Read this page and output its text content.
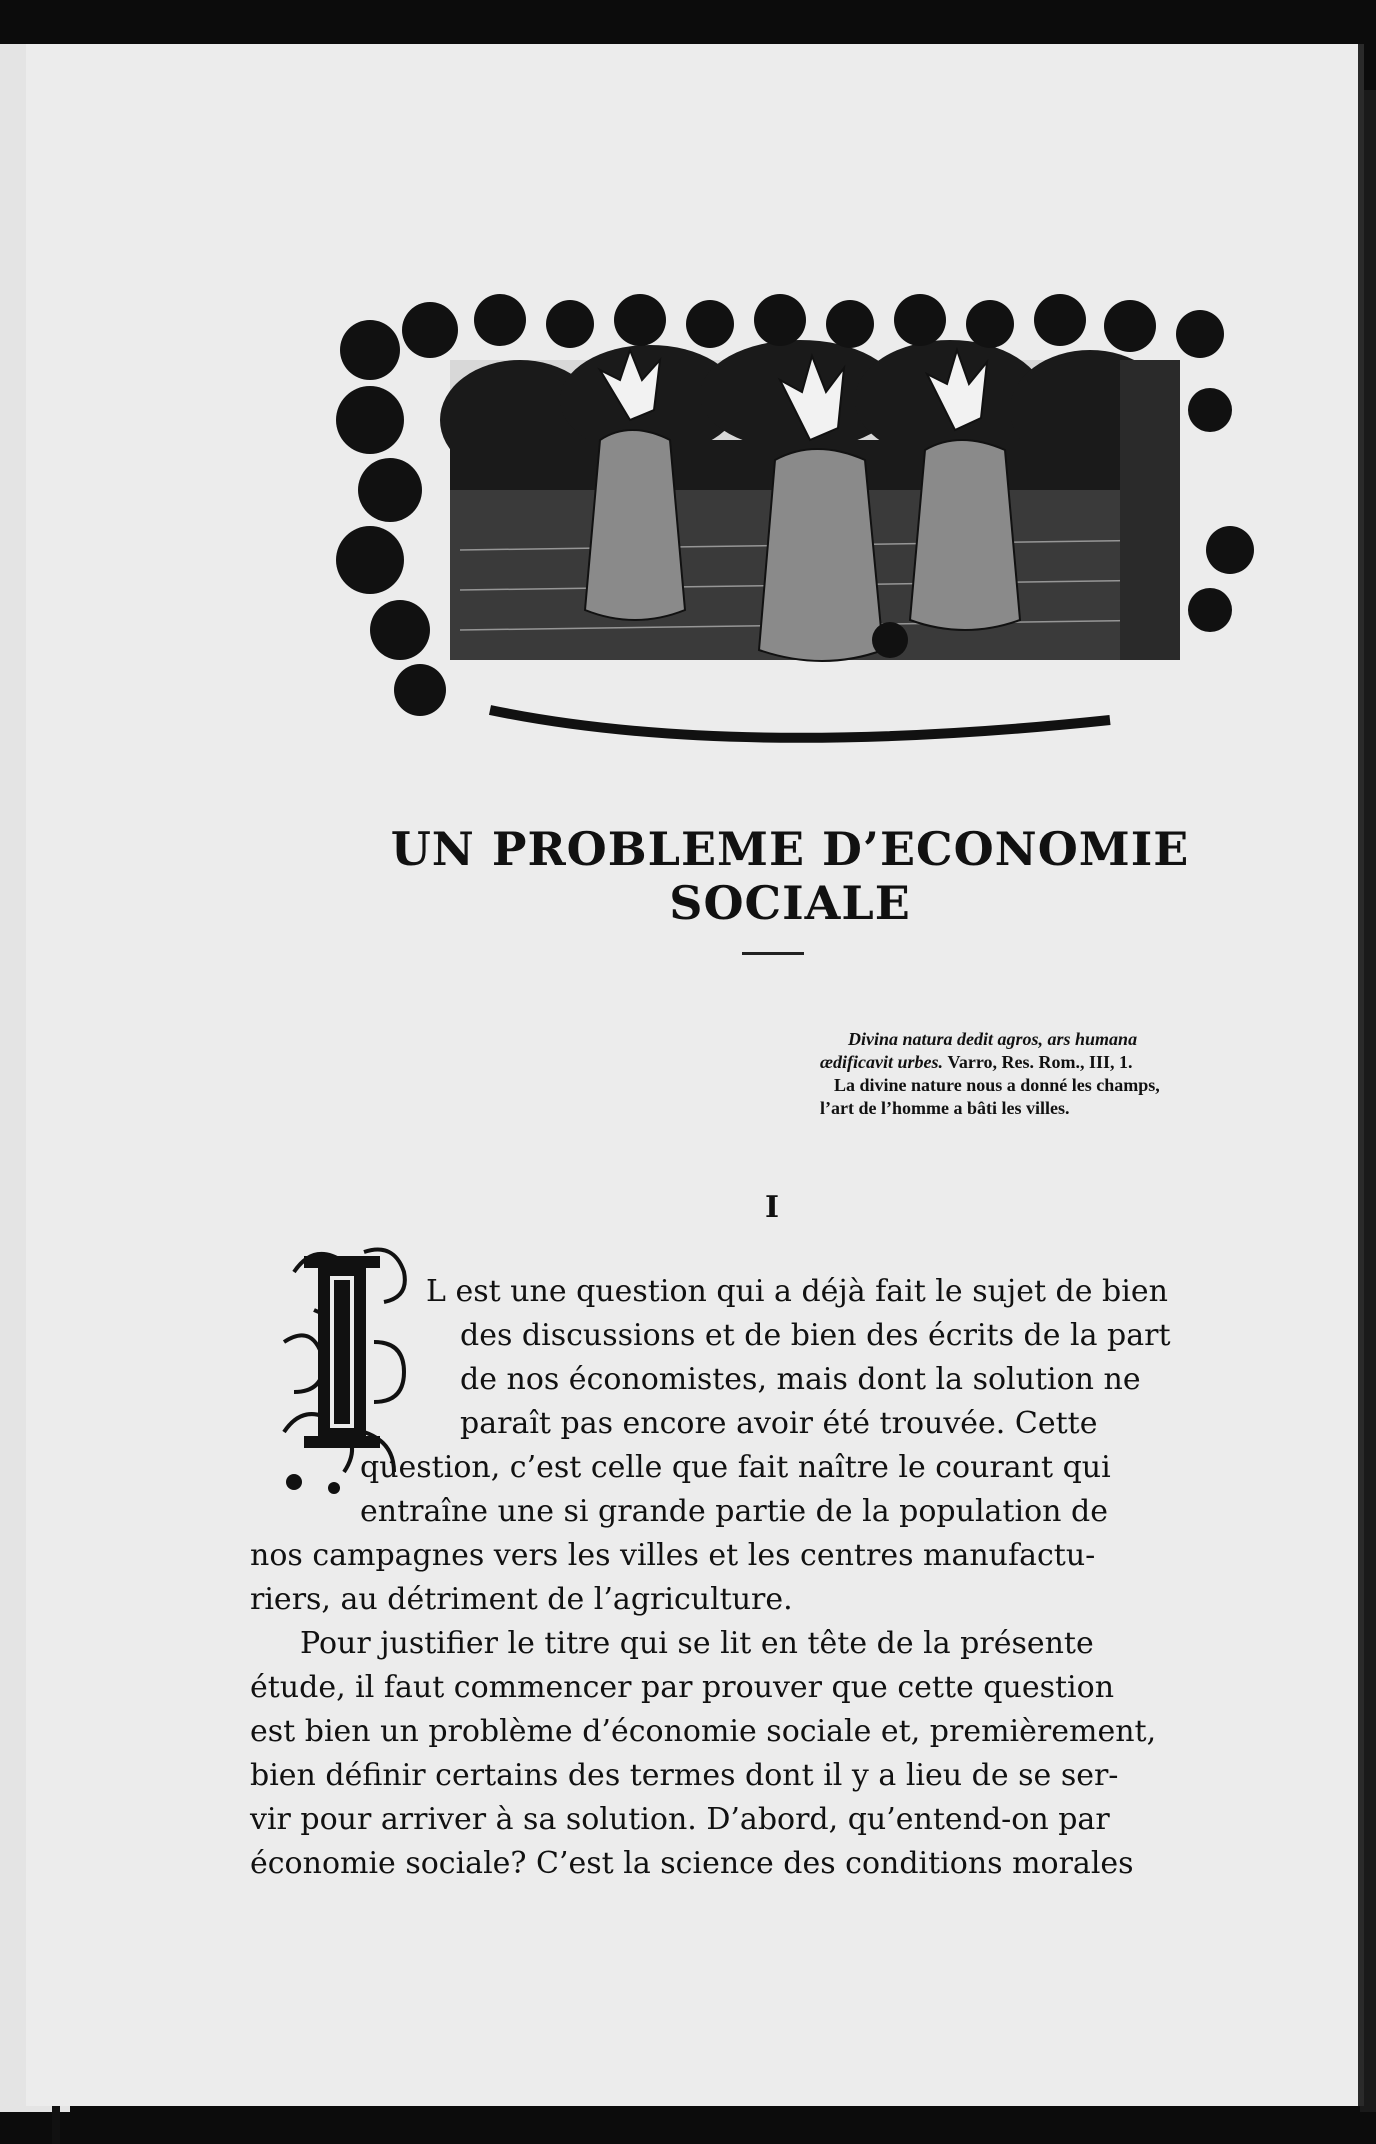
UN PROBLEME D’ECONOMIE SOCIALE
Divina natura dedit agros, ars humana
ædificavit urbes. Varro, Res. Rom., III, 1.
La divine nature nous a donné les champs,
l’art de l’homme a bâti les villes.
I
I
L est une question qui a déjà fait le sujet de bien
des discussions et de bien des écrits de la part
de nos économistes, mais dont la solution ne
paraît pas encore avoir été trouvée. Cette
question, c’est celle que fait naître le courant qui
entraîne une si grande partie de la population de
nos campagnes vers les villes et les centres manufactu-
riers, au détriment de l’agriculture.
Pour justifier le titre qui se lit en tête de la présente
étude, il faut commencer par prouver que cette question
est bien un problème d’économie sociale et, premièrement,
bien définir certains des termes dont il y a lieu de se ser-
vir pour arriver à sa solution. D’abord, qu’entend-on par
économie sociale? C’est la science des conditions morales
